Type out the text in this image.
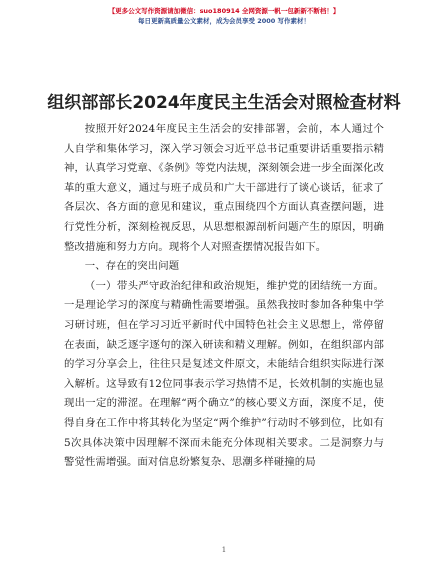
【更多公文写作资源请加微信：suo180914 全网资源一帆一包新新不断档！】
每日更新高质量公文素材，成为会员享受 2000 写作素材！
组织部部长2024年度民主生活会对照检查材料

按照开好2024年度民主生活会的安排部署，会前，本人通过个人自学和集体学习，深入学习领会习近平总书记重要讲话重要指示精神，认真学习党章、《条例》等党内法规，深刻领会进一步全面深化改革的重大意义，通过与班子成员和广大干部进行了谈心谈话，征求了各层次、各方面的意见和建议，重点围绕四个方面认真查摆问题，进行党性分析，深刻检视反思，从思想根源剖析问题产生的原因，明确整改措施和努力方向。现将个人对照查摆情况报告如下。

一、存在的突出问题

（一）带头严守政治纪律和政治规矩，维护党的团结统一方面。一是理论学习的深度与精确性需要增强。虽然我按时参加各种集中学习研讨班，但在学习习近平新时代中国特色社会主义思想上，常停留在表面，缺乏逐字逐句的深入研读和精义理解。例如，在组织部内部的学习分享会上，往往只是复述文件原文，未能结合组织实际进行深入解析。这导致有12位同事表示学习热情不足，长效机制的实施也显现出一定的滞涩。在理解“两个确立”的核心要义方面，深度不足，使得自身在工作中将其转化为坚定“两个维护”行动时不够到位，比如有5次具体决策中因理解不深而未能充分体现相关要求。二是洞察力与警觉性需增强。面对信息纷繁复杂、思潮多样碰撞的局

1
